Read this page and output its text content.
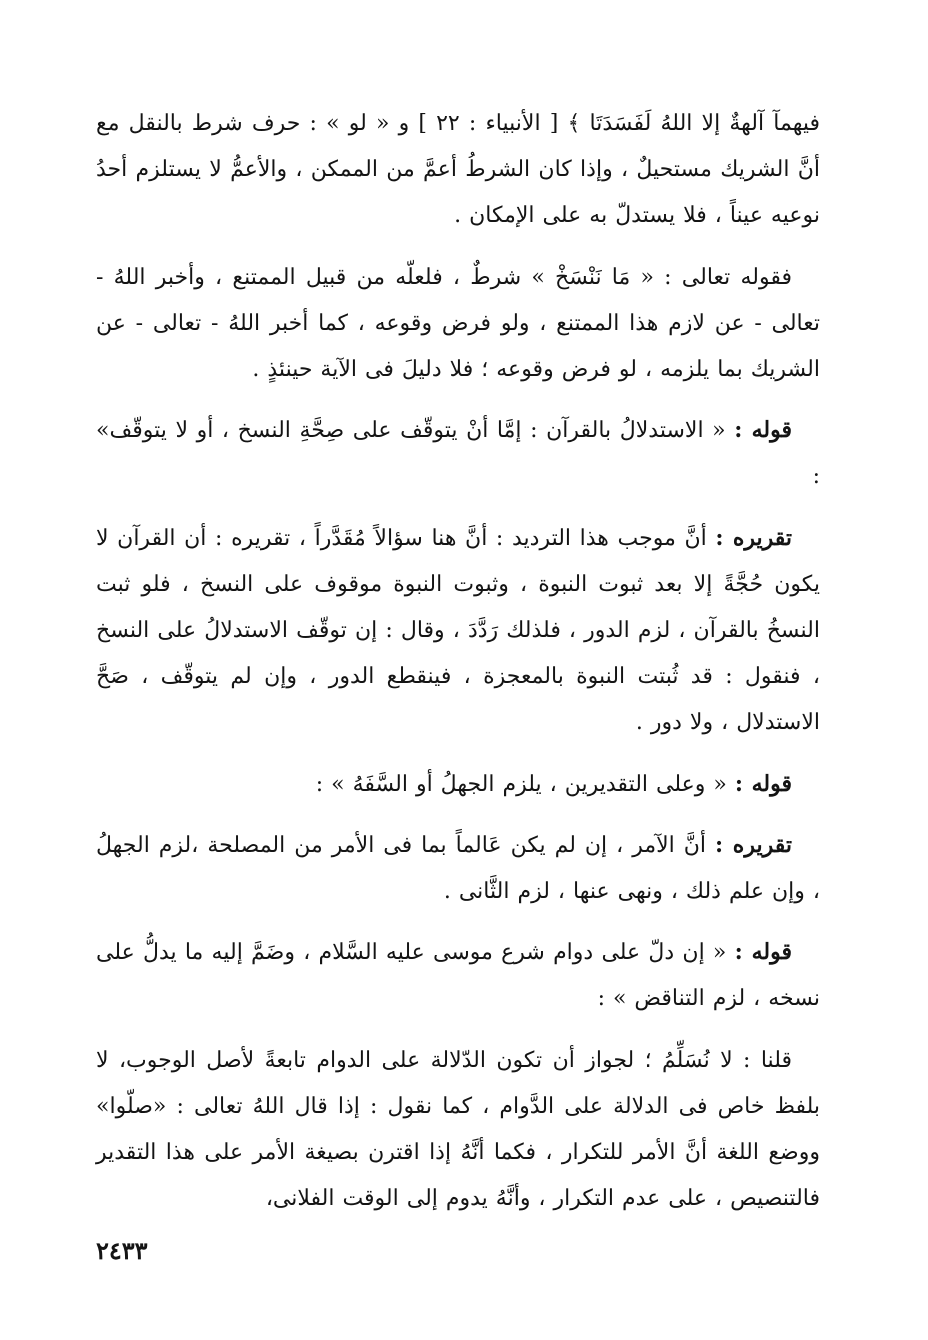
فيهمآ آلهةٌ إلا اللهُ لَفَسَدَتَا ﴾ [ الأنبياء : ٢٢ ] و « لو » : حرف شرط بالنقل مع أنَّ الشريك مستحيلٌ ، وإذا كان الشرطُ أعمَّ من الممكن ، والأعمُّ لا يستلزم أحدُ نوعيه عيناً ، فلا يستدلّ به على الإمكان .

فقوله تعالى : « مَا نَنْسَخْ » شرطٌ ، فلعلّه من قبيل الممتنع ، وأخبر اللهُ - تعالى - عن لازم هذا الممتنع ، ولو فرض وقوعه ، كما أخبر اللهُ - تعالى - عن الشريك بما يلزمه ، لو فرض وقوعه ؛ فلا دليلَ فى الآية حينئذٍ .

قوله : « الاستدلالُ بالقرآن : إمَّا أنْ يتوقّف على صِحَّةِ النسخ ، أو لا يتوقّف» :

تقريره : أنَّ موجب هذا الترديد : أنَّ هنا سؤالاً مُقَدَّراً ، تقريره : أن القرآن لا يكون حُجَّةً إلا بعد ثبوت النبوة ، وثبوت النبوة موقوف على النسخ ، فلو ثبت النسخُ بالقرآن ، لزم الدور ، فلذلك رَدَّدَ ، وقال : إن توقّف الاستدلالُ على النسخ ، فنقول : قد ثُبتت النبوة بالمعجزة ، فينقطع الدور ، وإن لم يتوقّف ، صَحَّ الاستدلال ، ولا دور .

قوله : « وعلى التقديرين ، يلزم الجهلُ أو السَّفَهُ » :

تقريره : أنَّ الآمر ، إن لم يكن عَالماً بما فى الأمر من المصلحة ،لزم الجهلُ ، وإن علم ذلك ، ونهى عنها ، لزم الثَّانى .

قوله : « إن دلّ على دوام شرع موسى عليه السَّلام ، وضَمَّ إليه ما يدلُّ على نسخه ، لزم التناقض » :

قلنا : لا نُسَلِّمُ ؛ لجواز أن تكون الدّلالة على الدوام تابعةً لأصل الوجوب، لا بلفظ خاص فى الدلالة على الدَّوام ، كما نقول : إذا قال اللهُ تعالى : «صلّوا» ووضع اللغة أنَّ الأمر للتكرار ، فكما أنَّهُ إذا اقترن بصيغة الأمر على هذا التقدير فالتنصيص ، على عدم التكرار ، وأنَّهُ يدوم إلى الوقت الفلانى،

٢٤٣٣
